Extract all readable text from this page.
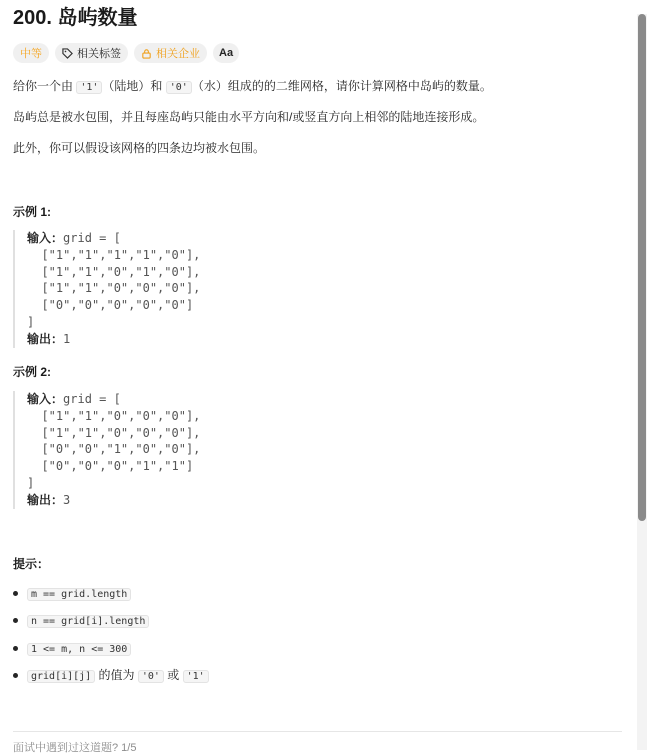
200. 岛屿数量
中等	相关标签	相关企业 Aa
给你一个由 '1' （陆地）和 '0' （水）组成的的二维网格，请你计算网格中岛屿的数量。
岛屿总是被水包围，并且每座岛屿只能由水平方向和/或竖直方向上相邻的陆地连接形成。
此外，你可以假设该网格的四条边均被水包围。
示例 1:
输入：grid = [
["1","1","1","1","0"],
["1","1","0","1","0"],
["1","1","0","0","0"],
["0","0","0","0","0"]
]
输出：1
示例 2:
输入：grid = [
["1","1","0","0","0"],
["1","1","0","0","0"],
["0","0","1","0","0"],
["0","0","0","1","1"]
]
输出：3
提示：
m == grid.length
n == grid[i].length
1 <= m, n <= 300
grid[i][j] 的值为 '0' 或 '1'
面试中遇到过这道题? 1/5
